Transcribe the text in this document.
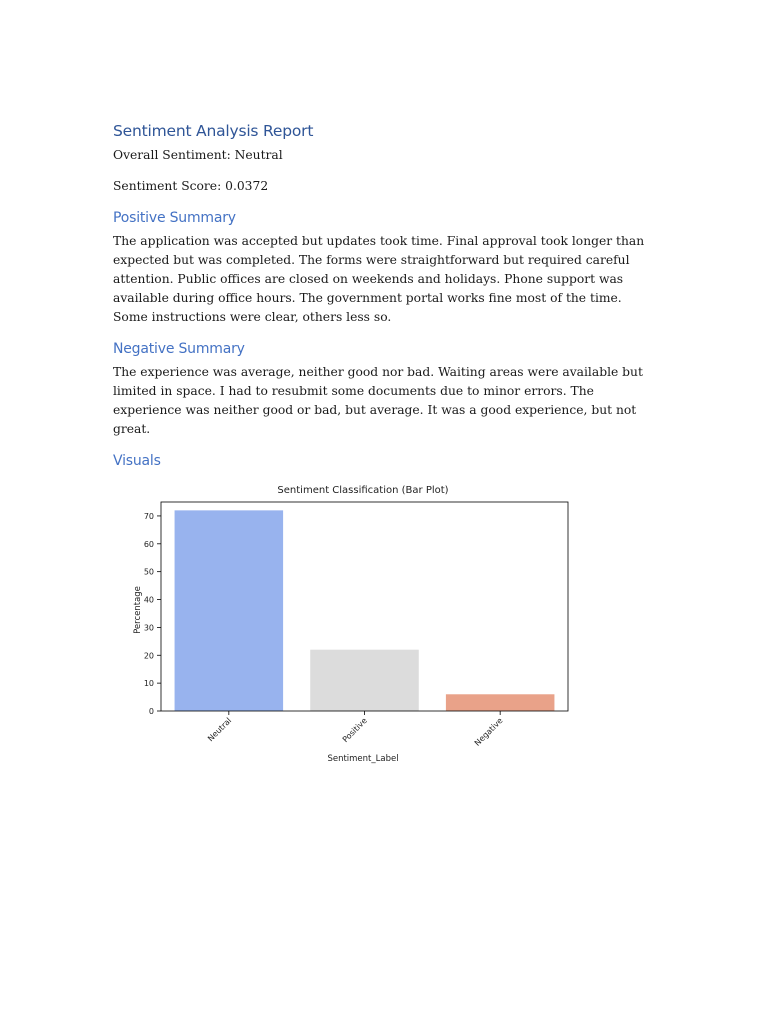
Sentiment Analysis Report

Overall Sentiment: Neutral

Sentiment Score: 0.0372

Positive Summary

The application was accepted but updates took time. Final approval took longer than expected but was completed. The forms were straightforward but required careful attention. Public offices are closed on weekends and holidays. Phone support was available during office hours. The government portal works fine most of the time. Some instructions were clear, others less so.

Negative Summary

The experience was average, neither good nor bad. Waiting areas were available but limited in space. I had to resubmit some documents due to minor errors. The experience was neither good or bad, but average. It was a good experience, but not great.

Visuals
Sentiment Classification (Bar Plot)
0
10
20
30
40
50
60
70
Neutral	Positive	Negative
Sentiment_Label
Percentage
